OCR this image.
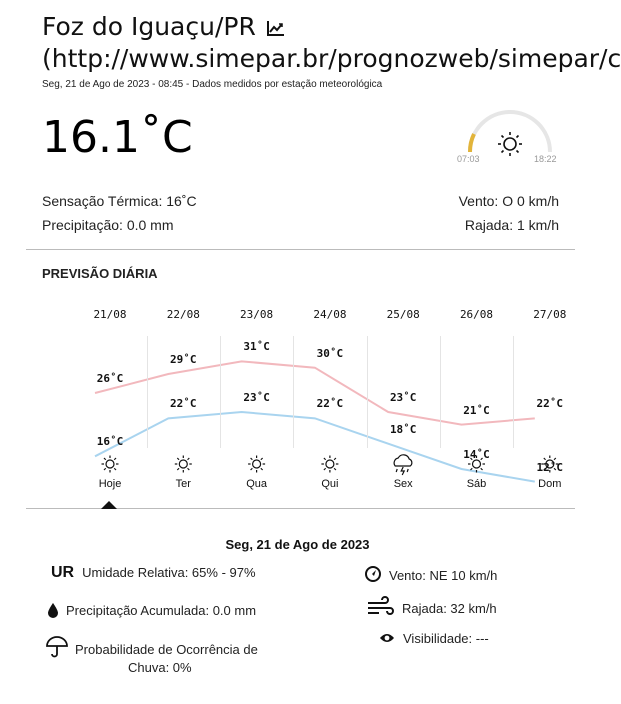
Foz do Iguaçu/PR
(http://www.simepar.br/prognozweb/simepar/c
Seg, 21 de Ago de 2023 - 08:45 - Dados medidos por estação meteorológica
16.1˚C	07:03	18:22
Sensação Térmica: 16˚C
Precipitação: 0.0 mm
Vento: O 0 km/h
Rajada: 1 km/h
PREVISÃO DIÁRIA
21/08
26˚C
16˚C
Hoje
22/08
29˚C
22˚C
Ter
23/08
31˚C
23˚C
Qua
24/08
30˚C
22˚C
Qui
25/08
23˚C
18˚C
Sex
26/08
21˚C
14˚C
Sáb
27/08
22˚C
12˚C
Dom
Seg, 21 de Ago de 2023
UR Umidade Relativa: 65% - 97%
Precipitação Acumulada: 0.0 mm
Probabilidade de Ocorrência de
Chuva: 0%
Vento: NE 10 km/h
Rajada: 32 km/h
Visibilidade: ---
